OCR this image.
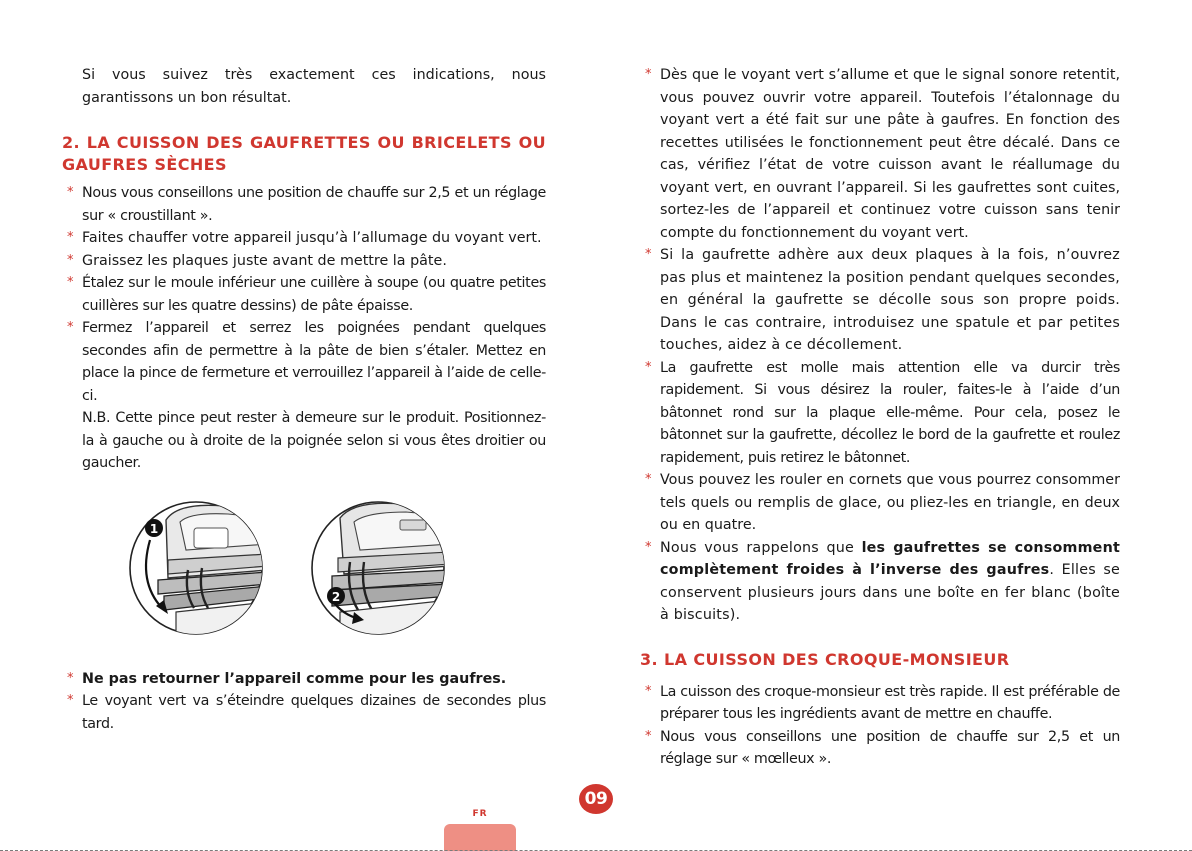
Si vous suivez très exactement ces indications, nous garantissons un bon résultat.

2. LA CUISSON DES GAUFRETTES OU BRICELETS OU GAUFRES SÈCHES

* Nous vous conseillons une position de chauffe sur 2,5 et un réglage sur « croustillant ».

* Faites chauffer votre appareil jusqu’à l’allumage du voyant vert.

* Graissez les plaques juste avant de mettre la pâte.

* Étalez sur le moule inférieur une cuillère à soupe (ou quatre petites cuillères sur les quatre dessins) de pâte épaisse.

* Fermez l’appareil et serrez les poignées pendant quelques secondes afin de permettre à la pâte de bien s’étaler. Mettez en place la pince de fermeture et verrouillez l’appareil à l’aide de celle-ci.

N.B. Cette pince peut rester à demeure sur le produit. Positionnez-la à gauche ou à droite de la poignée selon si vous êtes droitier ou gaucher.

1
2

* Ne pas retourner l’appareil comme pour les gaufres.

* Le voyant vert va s’éteindre quelques dizaines de secondes plus tard.

* Dès que le voyant vert s’allume et que le signal sonore retentit, vous pouvez ouvrir votre appareil. Toutefois l’étalonnage du voyant vert a été fait sur une pâte à gaufres. En fonction des recettes utilisées le fonctionnement peut être décalé. Dans ce cas, vérifiez l’état de votre cuisson avant le réallumage du voyant vert, en ouvrant l’appareil. Si les gaufrettes sont cuites, sortez-les de l’appareil et continuez votre cuisson sans tenir compte du fonctionnement du voyant vert.

* Si la gaufrette adhère aux deux plaques à la fois, n’ouvrez pas plus et maintenez la position pendant quelques secondes, en général la gaufrette se décolle sous son propre poids. Dans le cas contraire, introduisez une spatule et par petites touches, aidez à ce décollement.

* La gaufrette est molle mais attention elle va durcir très rapidement. Si vous désirez la rouler, faites-le à l’aide d’un bâtonnet rond sur la plaque elle-même. Pour cela, posez le bâtonnet sur la gaufrette, décollez le bord de la gaufrette et roulez rapidement, puis retirez le bâtonnet.

* Vous pouvez les rouler en cornets que vous pourrez consommer tels quels ou remplis de glace, ou pliez-les en triangle, en deux ou en quatre.

* Nous vous rappelons que les gaufrettes se consomment complètement froides à l’inverse des gaufres. Elles se conservent plusieurs jours dans une boîte en fer blanc (boîte à biscuits).

3. LA CUISSON DES CROQUE-MONSIEUR

* La cuisson des croque-monsieur est très rapide. Il est préférable de préparer tous les ingrédients avant de mettre en chauffe.

* Nous vous conseillons une position de chauffe sur 2,5 et un réglage sur « mœlleux ».

09
FR
